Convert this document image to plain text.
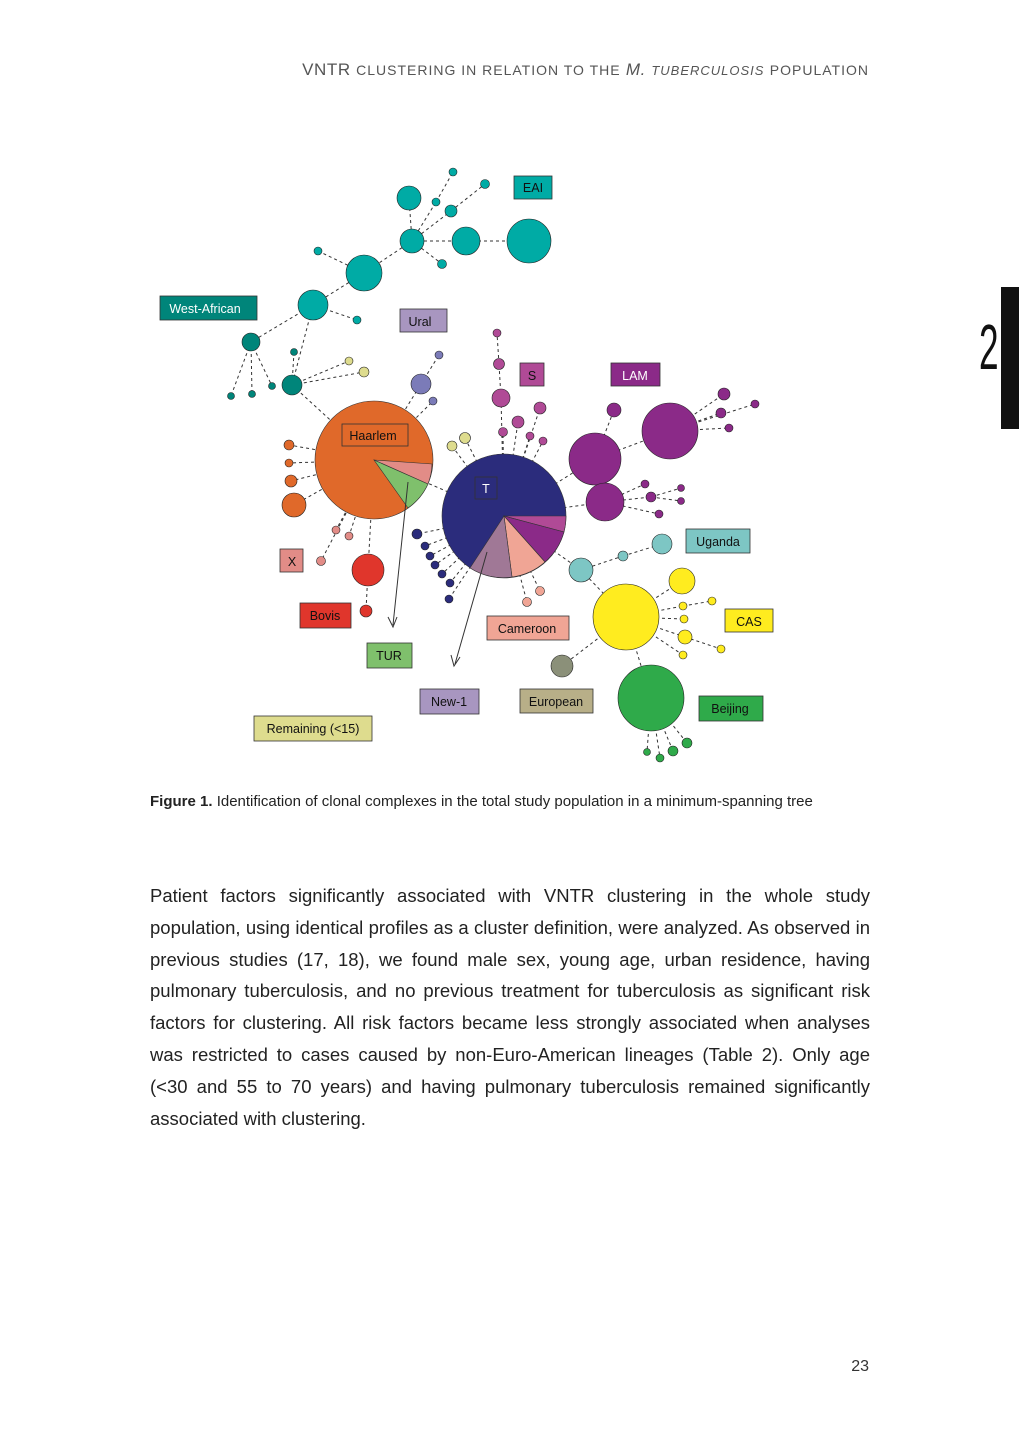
VNTR CLUSTERING IN RELATION TO THE M. TUBERCULOSIS POPULATION
2
EAI
West-African
Ural
S	LAM
Haarlem
T
Uganda
X
CAS
Bovis
Cameroon
TUR
New-1	European	Beijing
Remaining (<15)
Figure 1. Identification of clonal complexes in the total study population in a minimum-spanning tree
Patient factors significantly associated with VNTR clustering in the whole study population, using identical profiles as a cluster definition, were analyzed. As observed in previous studies (17, 18), we found male sex, young age, urban residence, having pulmonary tuberculosis, and no previous treatment for tuberculosis as significant risk factors for clustering. All risk factors became less strongly associated when analyses was restricted to cases caused by non-Euro-American lineages (Table 2). Only age (<30 and 55 to 70 years) and having pulmonary tuberculosis remained significantly associated with clustering.
23
